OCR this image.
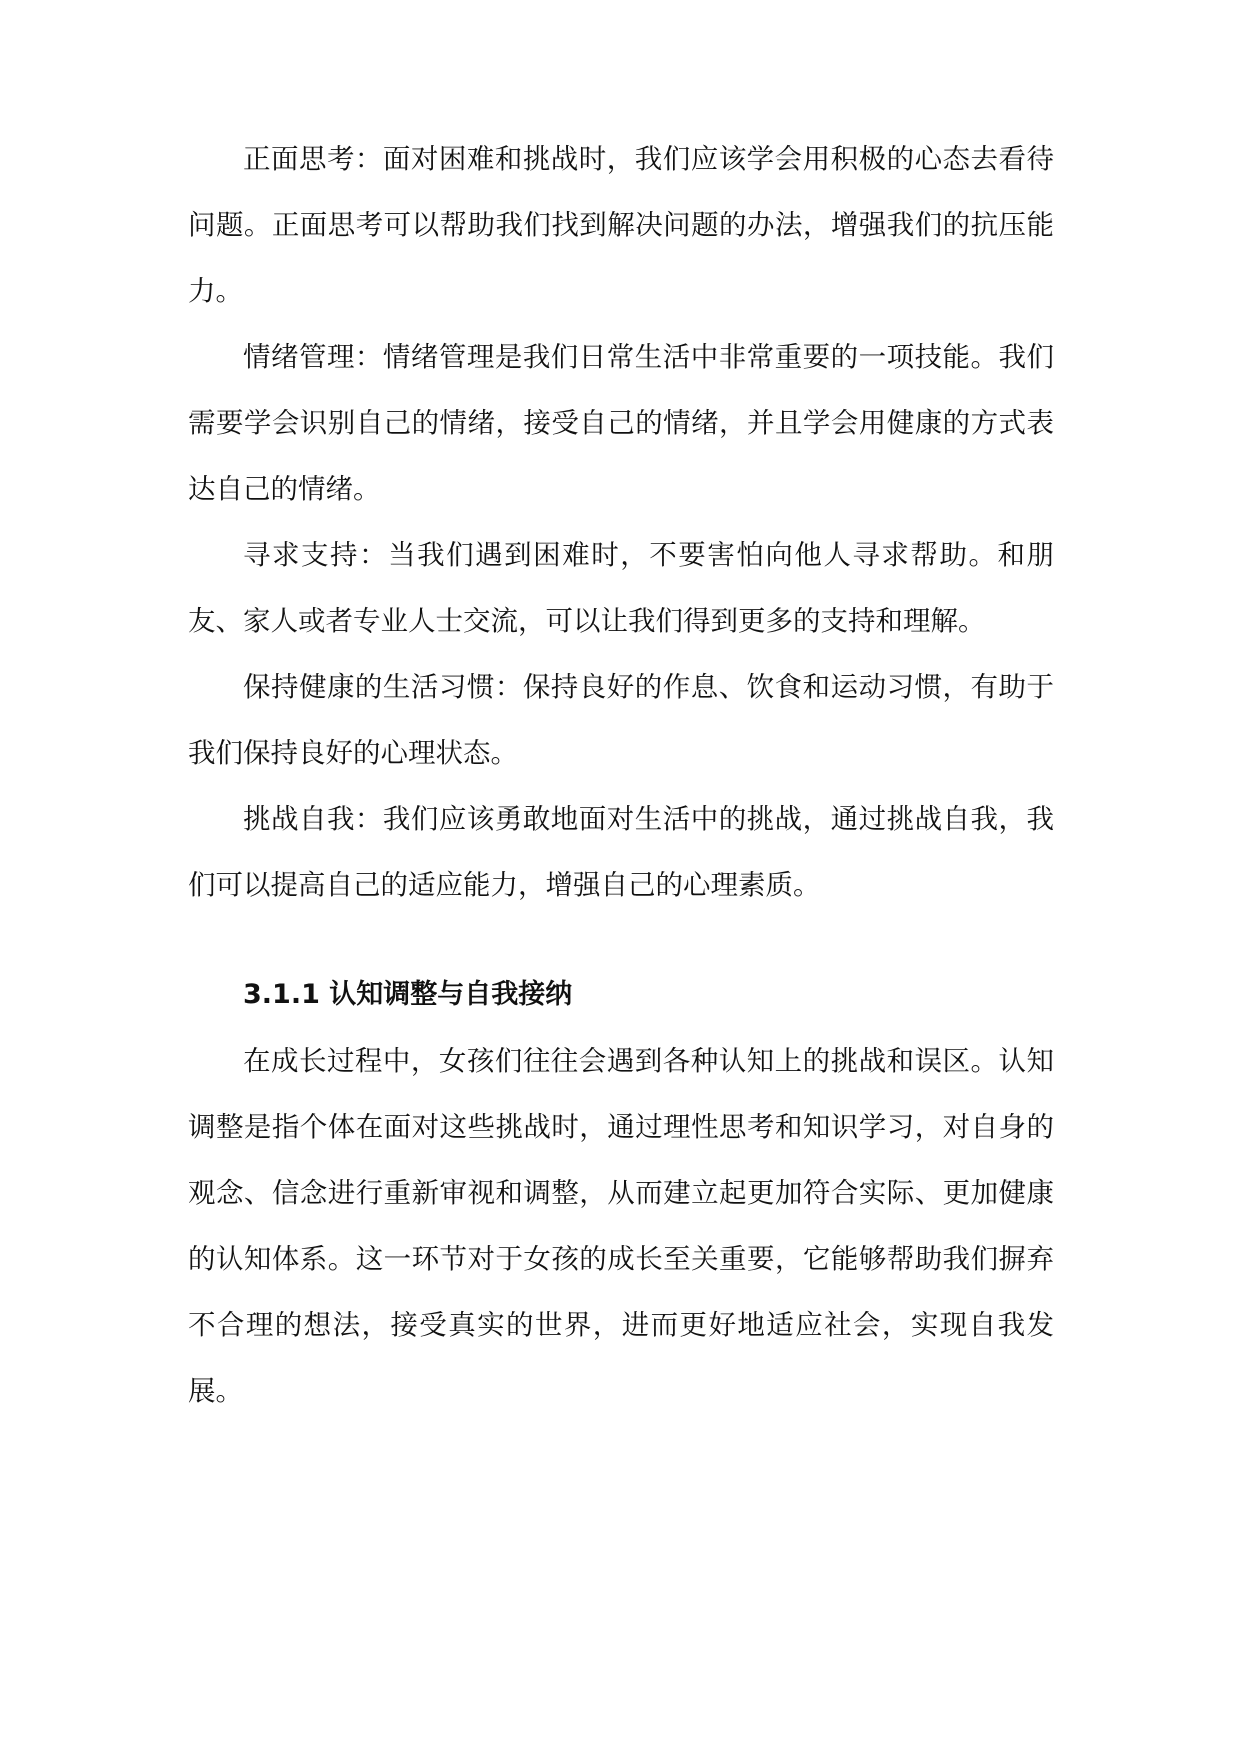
正面思考：面对困难和挑战时，我们应该学会用积极的心态去看待问题。正面思考可以帮助我们找到解决问题的办法，增强我们的抗压能力。

情绪管理：情绪管理是我们日常生活中非常重要的一项技能。我们需要学会识别自己的情绪，接受自己的情绪，并且学会用健康的方式表达自己的情绪。

寻求支持：当我们遇到困难时，不要害怕向他人寻求帮助。和朋友、家人或者专业人士交流，可以让我们得到更多的支持和理解。

保持健康的生活习惯：保持良好的作息、饮食和运动习惯，有助于我们保持良好的心理状态。

挑战自我：我们应该勇敢地面对生活中的挑战，通过挑战自我，我们可以提高自己的适应能力，增强自己的心理素质。

3.1.1 认知调整与自我接纳

在成长过程中，女孩们往往会遇到各种认知上的挑战和误区。认知调整是指个体在面对这些挑战时，通过理性思考和知识学习，对自身的观念、信念进行重新审视和调整，从而建立起更加符合实际、更加健康的认知体系。这一环节对于女孩的成长至关重要，它能够帮助我们摒弃不合理的想法，接受真实的世界，进而更好地适应社会，实现自我发展。
